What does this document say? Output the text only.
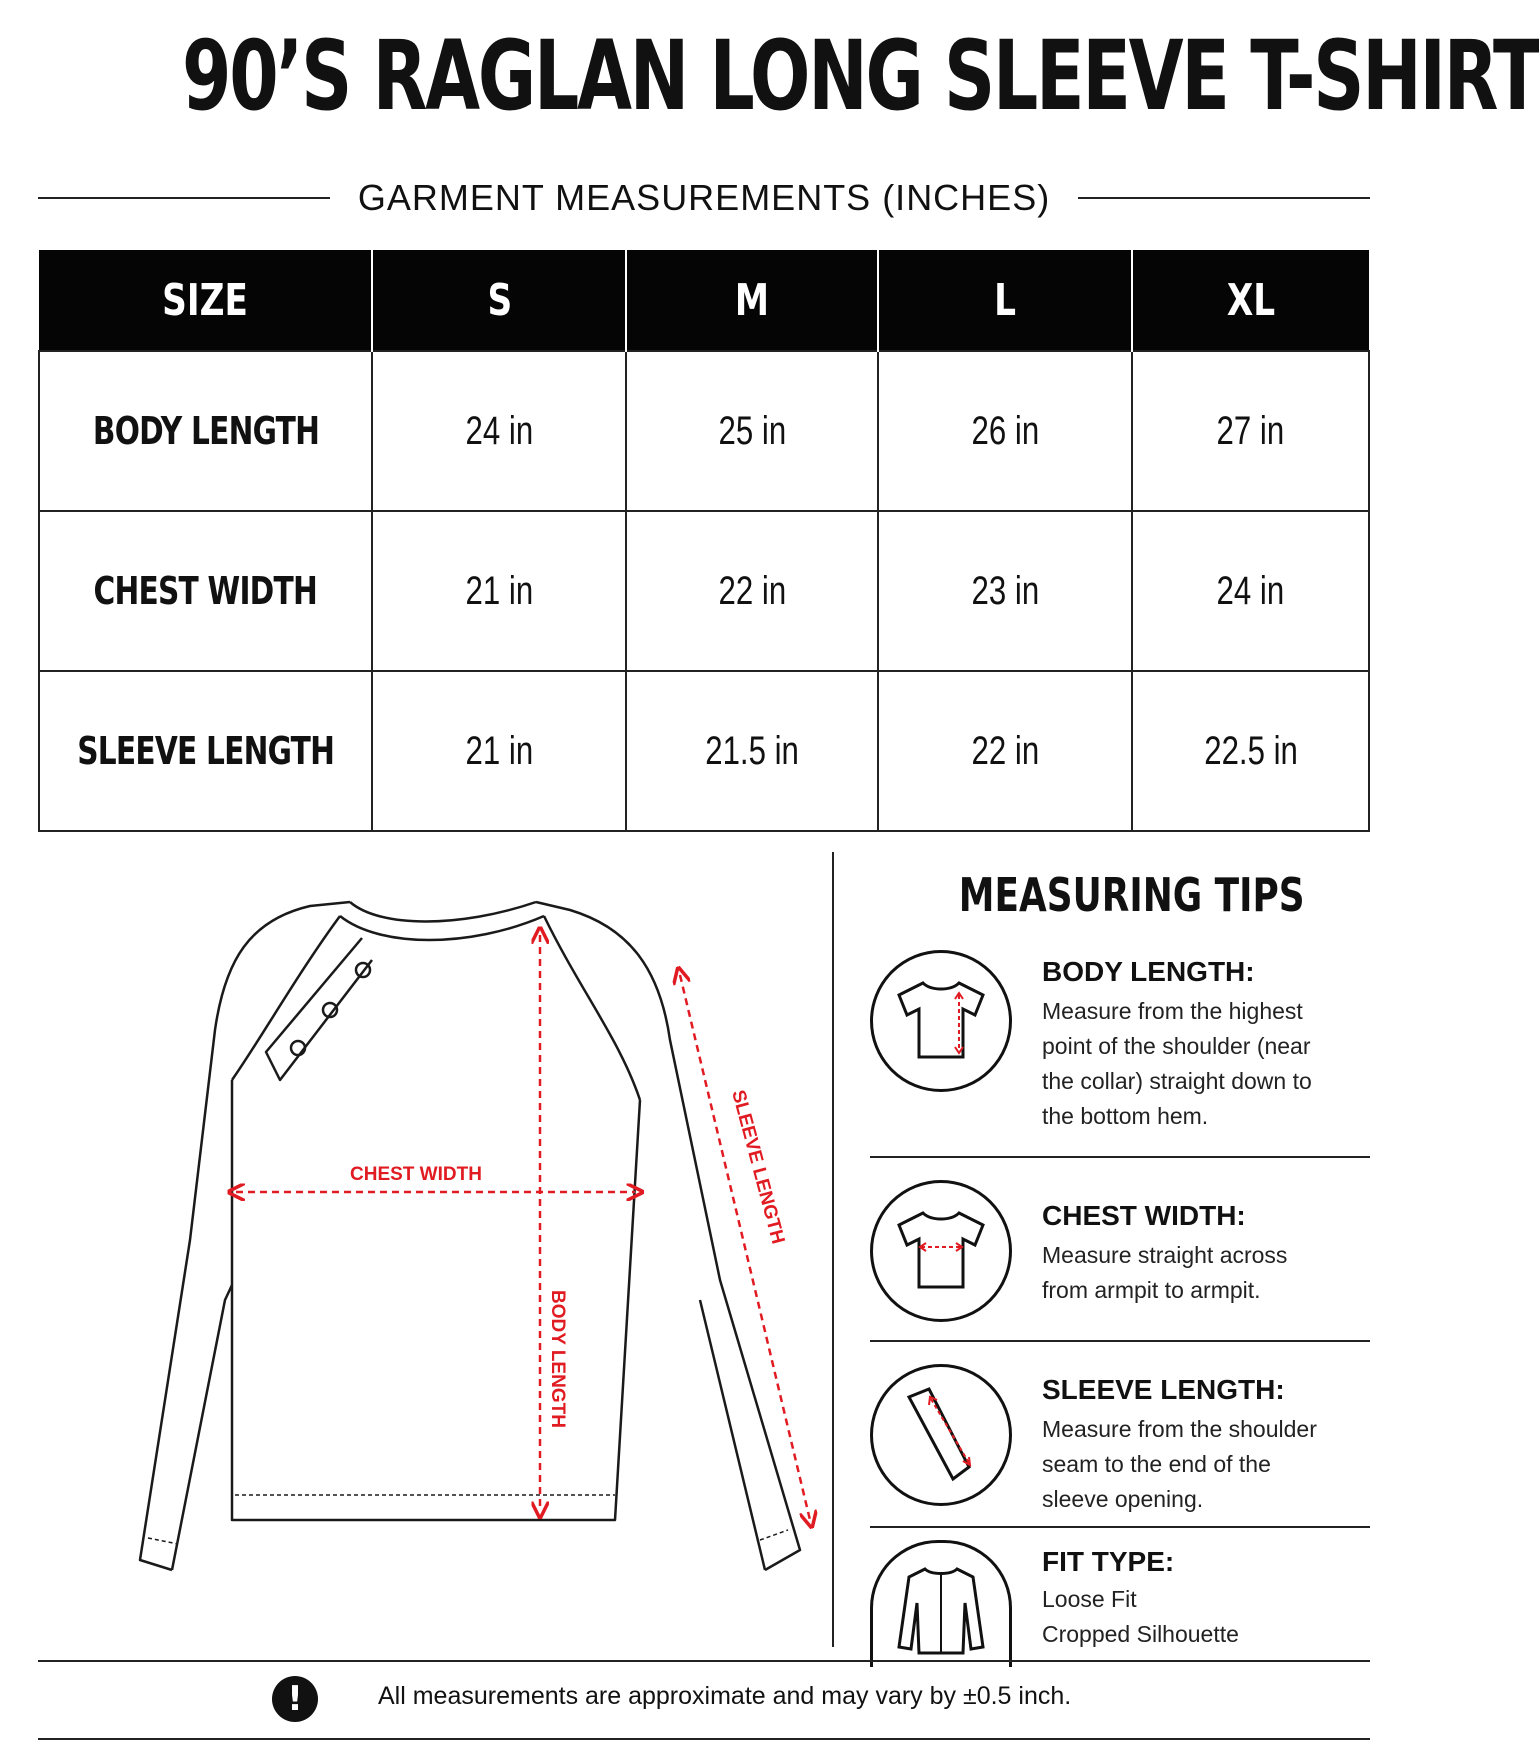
90’S RAGLAN LONG SLEEVE T-SHIRT
GARMENT MEASUREMENTS (INCHES)
SIZE	S	M	L	XL
BODY LENGTH	24 in	25 in	26 in	27 in
CHEST WIDTH	21 in	22 in	23 in	24 in
SLEEVE LENGTH	21 in	21.5 in	22 in	22.5 in
CHEST WIDTH
BODY LENGTH
SLEEVE LENGTH
MEASURING TIPS
BODY LENGTH:
Measure from the highest
point of the shoulder (near
the collar) straight down to
the bottom hem.
CHEST WIDTH:
Measure straight across
from armpit to armpit.
SLEEVE LENGTH:
Measure from the shoulder
seam to the end of the
sleeve opening.
FIT TYPE:
Loose Fit
Cropped Silhouette
!	All measurements are approximate and may vary by ±0.5 inch.
